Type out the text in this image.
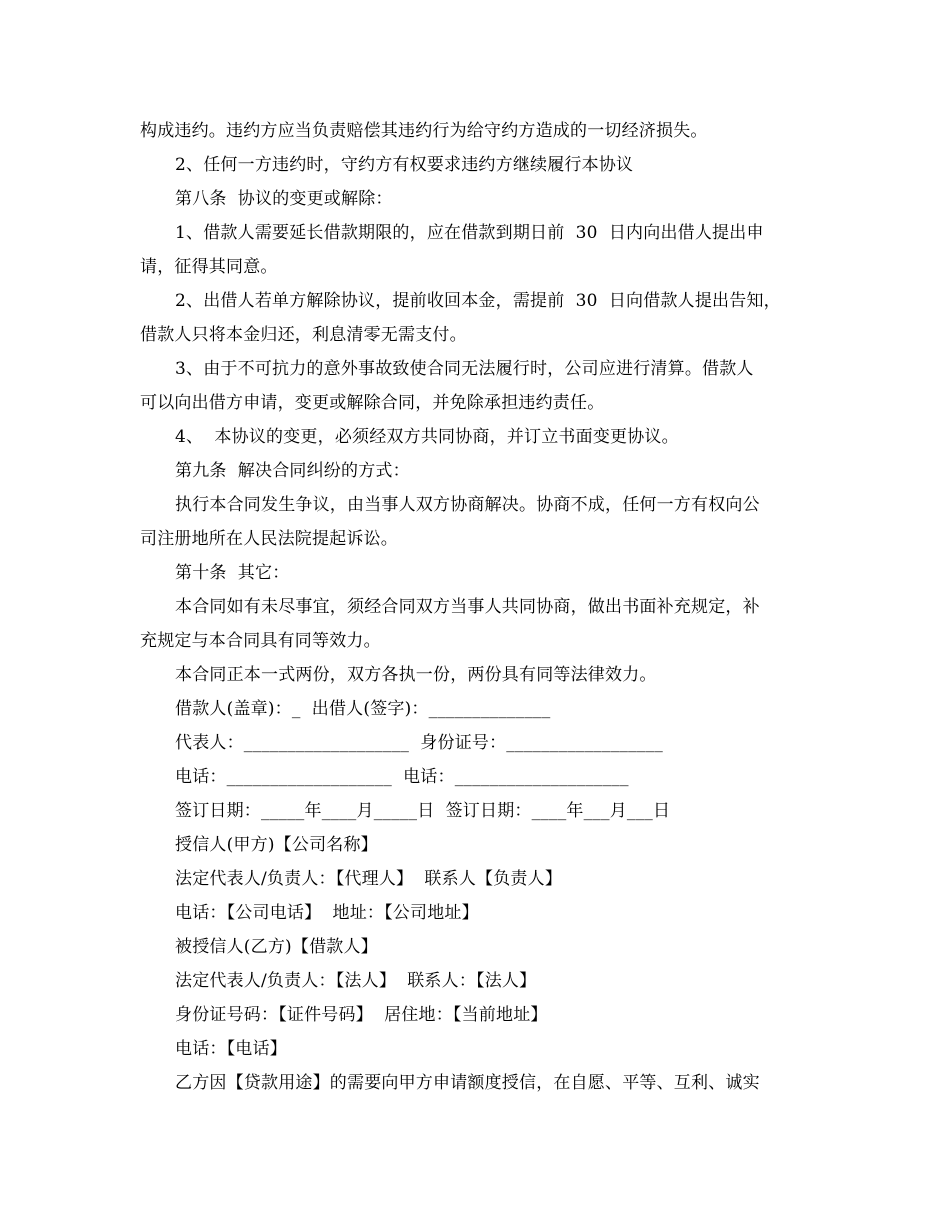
构成违约。违约方应当负责赔偿其违约行为给守约方造成的一切经济损失。
2、任何一方违约时，守约方有权要求违约方继续履行本协议
第八条  协议的变更或解除：
1、借款人需要延长借款期限的，应在借款到期日前  30  日内向出借人提出申
请，征得其同意。
2、出借人若单方解除协议，提前收回本金，需提前  30  日向借款人提出告知，
借款人只将本金归还，利息清零无需支付。
3、由于不可抗力的意外事故致使合同无法履行时，公司应进行清算。借款人
可以向出借方申请，变更或解除合同，并免除承担违约责任。
4、  本协议的变更，必须经双方共同协商，并订立书面变更协议。
第九条  解决合同纠纷的方式：
执行本合同发生争议，由当事人双方协商解决。协商不成，任何一方有权向公
司注册地所在人民法院提起诉讼。
第十条  其它：
本合同如有未尽事宜，须经合同双方当事人共同协商，做出书面补充规定，补
充规定与本合同具有同等效力。
本合同正本一式两份，双方各执一份，两份具有同等法律效力。
借款人(盖章)：_  出借人(签字)：______________
代表人：___________________  身份证号：__________________
电话：___________________  电话：____________________
签订日期：_____年____月_____日  签订日期：____年___月___日
授信人(甲方)【公司名称】
法定代表人/负责人：【代理人】  联系人【负责人】
电话：【公司电话】  地址：【公司地址】
被授信人(乙方)【借款人】
法定代表人/负责人：【法人】  联系人：【法人】
身份证号码：【证件号码】  居住地：【当前地址】
电话：【电话】
乙方因【贷款用途】的需要向甲方申请额度授信，在自愿、平等、互利、诚实
